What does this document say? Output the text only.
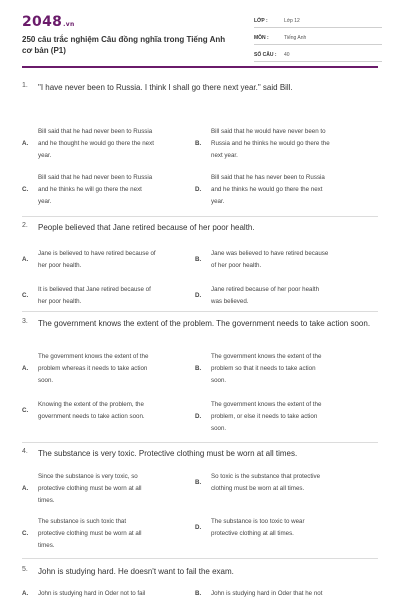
2048.vn
250 câu trắc nghiệm Câu đồng nghĩa trong Tiếng Anh cơ bản (P1)
LỚP :	Lớp 12
MÔN :	Tiếng Anh
SỐ CÂU :	40
1. "I have never been to Russia. I think I shall go there next year." said Bill.
A.
Bill said that he had never been to Russia
and he thought he would go there the next
year.
B.
Bill said that he would have never been to
Russia and he thinks he would go there the
next year.
C.
Bill said that he had never been to Russia
and he thinks he will go there the next
year.
D.
Bill said that he has never been to Russia
and he thinks he would go there the next
year.
2. People believed that Jane retired because of her poor health.
A.
Jane is believed to have retired because of
her poor health.
B.
Jane was believed to have retired because
of her poor health.
C.
It is believed that Jane retired because of
her poor health.
D.
Jane retired because of her poor health
was believed.
3. The government knows the extent of the problem. The government needs to take action soon.
A.
The government knows the extent of the
problem whereas it needs to take action
soon.
B.
The government knows the extent of the
problem so that it needs to take action
soon.
C.
Knowing the extent of the problem, the
government needs to take action soon.	D.
The government knows the extent of the
problem, or else it needs to take action
soon.
4. The substance is very toxic. Protective clothing must be worn at all times.
A.
Since the substance is very toxic, so
protective clothing must be worn at all
times.
B.
So toxic is the substance that protective
clothing must be worn at all times.
C.
The substance is such toxic that
protective clothing must be worn at all
times.
D.
The substance is too toxic to wear
protective clothing at all times.
5. John is studying hard. He doesn't want to fail the exam.
A. John is studying hard in Oder not to fail	B. John is studying hard in Oder that he not
